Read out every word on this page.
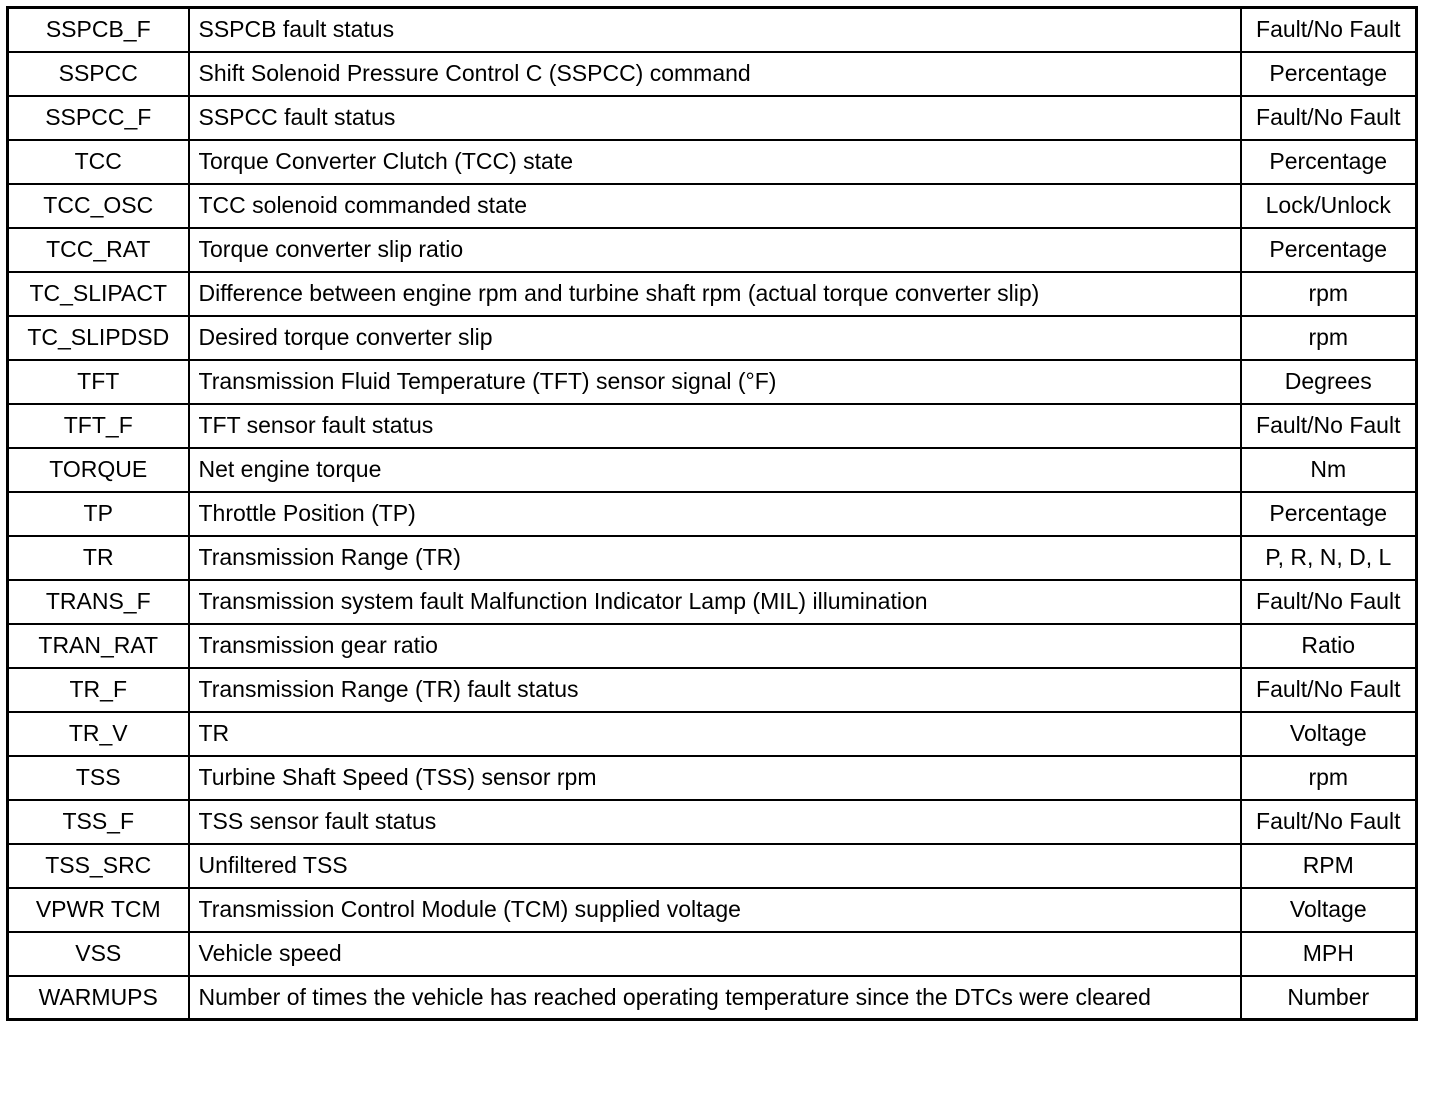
SSPCB_F	SSPCB fault status	Fault/No Fault
SSPCC	Shift Solenoid Pressure Control C (SSPCC) command	Percentage
SSPCC_F	SSPCC fault status	Fault/No Fault
TCC	Torque Converter Clutch (TCC) state	Percentage
TCC_OSC	TCC solenoid commanded state	Lock/Unlock
TCC_RAT	Torque converter slip ratio	Percentage
TC_SLIPACT	Difference between engine rpm and turbine shaft rpm (actual torque converter slip)	rpm
TC_SLIPDSD	Desired torque converter slip	rpm
TFT	Transmission Fluid Temperature (TFT) sensor signal (°F)	Degrees
TFT_F	TFT sensor fault status	Fault/No Fault
TORQUE	Net engine torque	Nm
TP	Throttle Position (TP)	Percentage
TR	Transmission Range (TR)	P, R, N, D, L
TRANS_F	Transmission system fault Malfunction Indicator Lamp (MIL) illumination	Fault/No Fault
TRAN_RAT	Transmission gear ratio	Ratio
TR_F	Transmission Range (TR) fault status	Fault/No Fault
TR_V	TR	Voltage
TSS	Turbine Shaft Speed (TSS) sensor rpm	rpm
TSS_F	TSS sensor fault status	Fault/No Fault
TSS_SRC	Unfiltered TSS	RPM
VPWR TCM	Transmission Control Module (TCM) supplied voltage	Voltage
VSS	Vehicle speed	MPH
WARMUPS	Number of times the vehicle has reached operating temperature since the DTCs were cleared	Number
